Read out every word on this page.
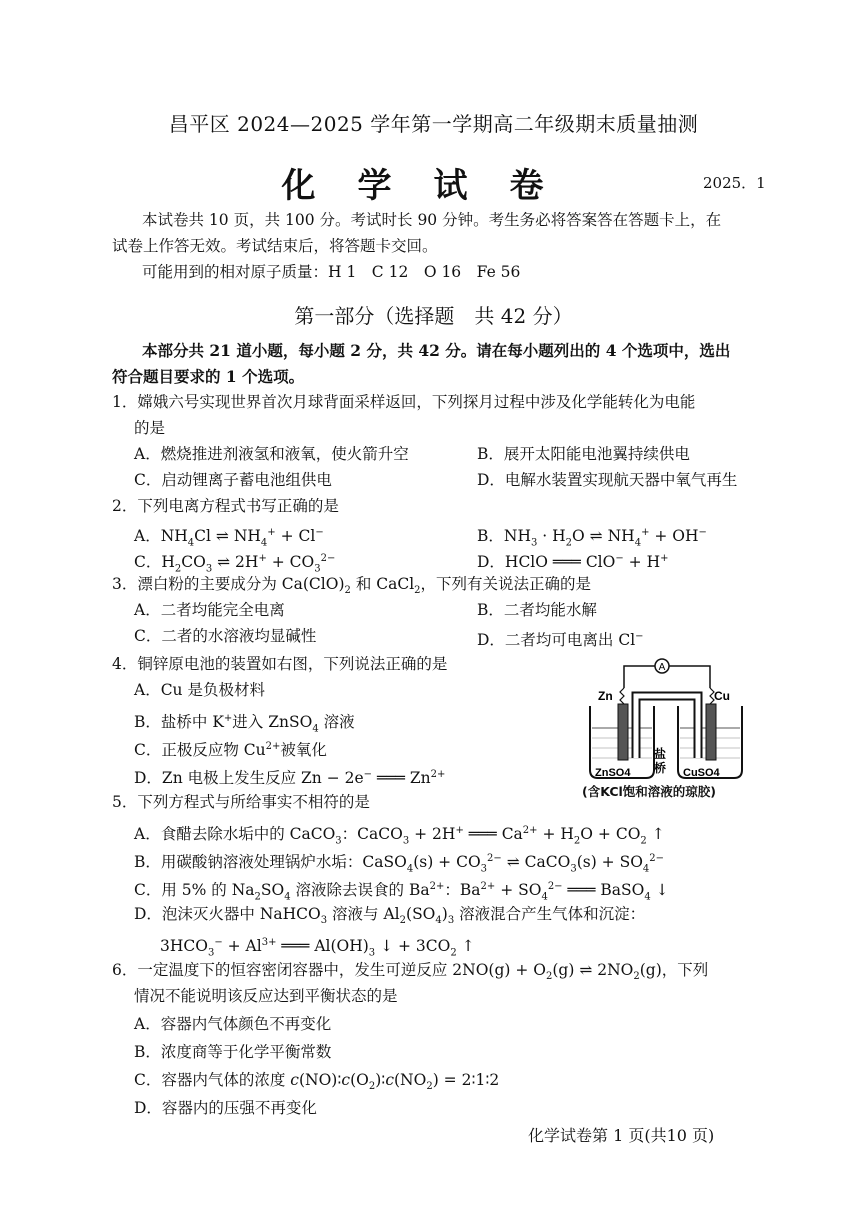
昌平区 2024—2025 学年第一学期高二年级期末质量抽测
化学试卷	2025．1
本试卷共 10 页，共 100 分。考试时长 90 分钟。考生务必将答案答在答题卡上，在
试卷上作答无效。考试结束后，将答题卡交回。
可能用到的相对原子质量：H 1　C 12　O 16　Fe 56
第一部分（选择题　共 42 分）
本部分共 21 道小题，每小题 2 分，共 42 分。请在每小题列出的 4 个选项中，选出
符合题目要求的 1 个选项。
1．嫦娥六号实现世界首次月球背面采样返回，下列探月过程中涉及化学能转化为电能
的是
A．燃烧推进剂液氢和液氧，使火箭升空	B．展开太阳能电池翼持续供电
C．启动锂离子蓄电池组供电	D．电解水装置实现航天器中氧气再生
2．下列电离方程式书写正确的是
A．$NH_4Cl$ ⇌ $NH_4^+ + Cl^-$	B．$NH_3 \cdot H_2O$ ⇌ $NH_4^+ + OH^-$
C．$H_2CO_3$ ⇌ $2H^+ + CO_3^{2-}$	D．HClO ═══ ClO− + H+
3．漂白粉的主要成分为 $Ca(ClO)_2$ 和 CaCl$_2$，下列有关说法正确的是
A．二者均能完全电离	B．二者均能水解
C．二者的水溶液均显碱性	D．二者均可电离出 Cl−
4．铜锌原电池的装置如右图，下列说法正确的是
A．Cu 是负极材料
B．盐桥中 K+进入 ZnSO$_4$ 溶液
C．正极反应物 $Cu^{2+}$被氧化
D．Zn 电极上发生反应 Zn − 2e− ═══ $Zn^{2+}$
A
Zn	Cu
盐桥
ZnSO4	CuSO4
(含KCl饱和溶液的琼胶)
5．下列方程式与所给事实不相符的是
A．食醋去除水垢中的 CaCO$_3$：CaCO$_3$ + 2H+ ═══ $Ca^{2+} + H_2O + CO_2$ ↑
B．用碳酸钠溶液处理锅炉水垢：CaSO$_4$(s) + $CO_3^{2-}$ ⇌ CaCO$_3$(s) + $SO_4^{2-}$
C．用 5% 的 $Na_2SO_4$ 溶液除去误食的 $Ba^{2+}$：$Ba^{2+} + SO_4^{2-}$ ═══ BaSO$_4$ ↓
D．泡沫灭火器中 NaHCO$_3$ 溶液与 $Al_2(SO_4)_3$ 溶液混合产生气体和沉淀：
$3HCO_3^- + Al^{3+}$ ═══ $Al(OH)_3$ ↓ + $3CO_2$ ↑
6．一定温度下的恒容密闭容器中，发生可逆反应 $2NO(g) + O_2(g)$ ⇌ $2NO_2(g)$，下列
情况不能说明该反应达到平衡状态的是
A．容器内气体颜色不再变化
B．浓度商等于化学平衡常数
C．容器内气体的浓度 $c(NO)∶c(O_2)∶c(NO_2)$ = 2∶1∶2
D．容器内的压强不再变化
化学试卷第 1 页(共10 页)
